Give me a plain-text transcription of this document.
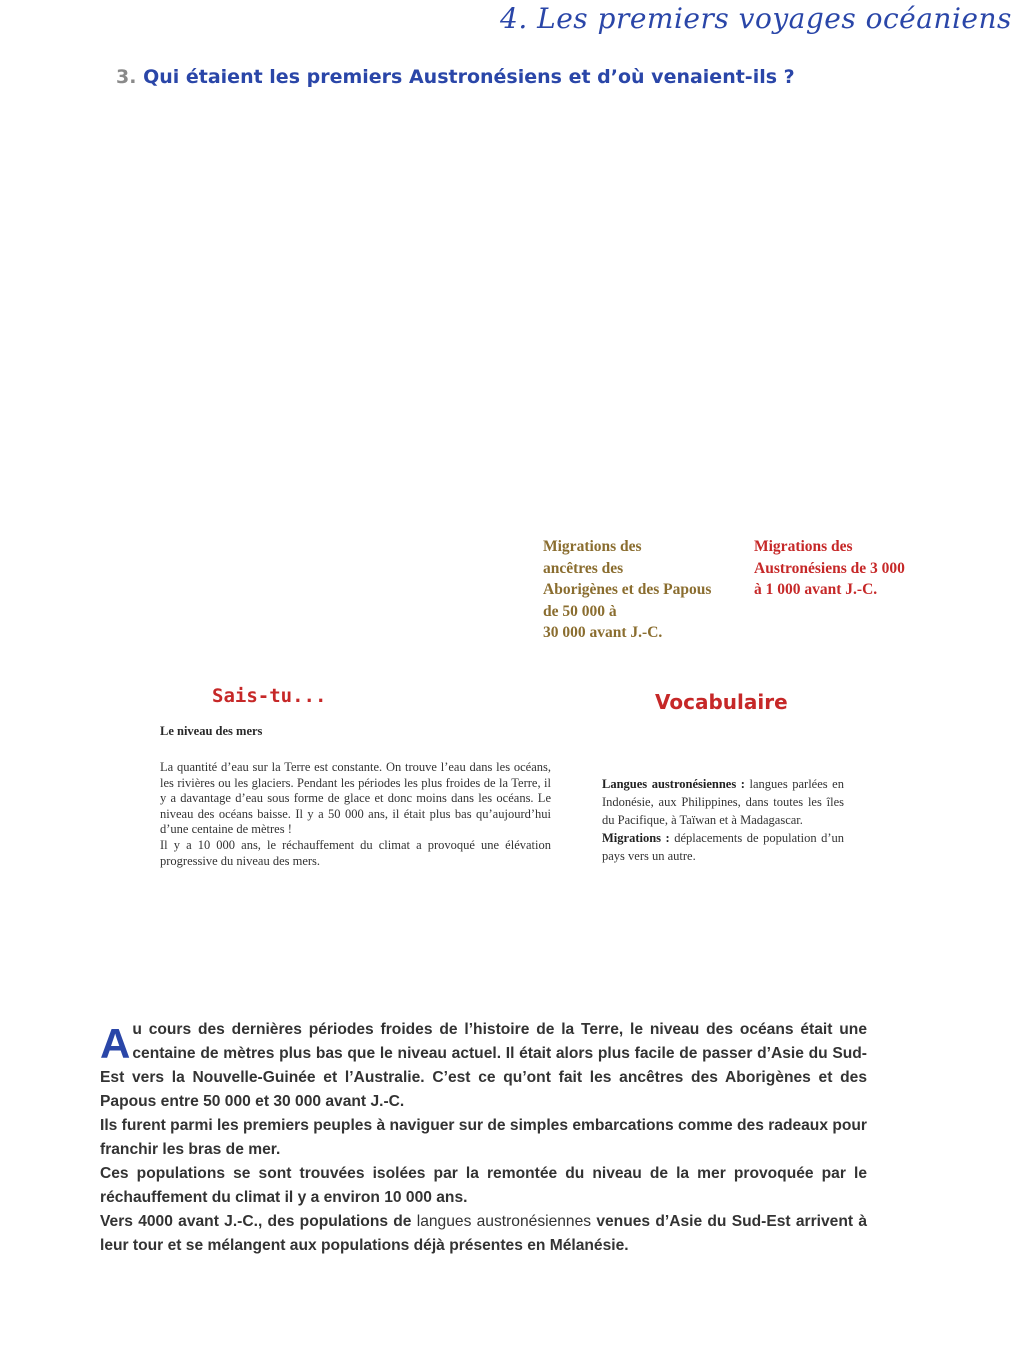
4. Les premiers voyages océaniens
3. Qui étaient les premiers Austronésiens et d’où venaient-ils ?
Migrations des
ancêtres des
Aborigènes et des Papous
de 50 000 à
30 000 avant J.-C.
Migrations des
Austronésiens de 3 000
à 1 000 avant J.-C.
Sais-tu...	Vocabulaire
Le niveau des mers

La quantité d’eau sur la Terre est constante. On trouve l’eau dans les océans, les rivières ou les glaciers. Pendant les périodes les plus froides de la Terre, il y a davantage d’eau sous forme de glace et donc moins dans les océans. Le niveau des océans baisse. Il y a 50 000 ans, il était plus bas qu’aujourd’hui d’une centaine de mètres !

Il y a 10 000 ans, le réchauffement du climat a provoqué une élévation progressive du niveau des mers.

Langues austronésiennes : langues parlées en Indonésie, aux Philippines, dans toutes les îles du Pacifique, à Taïwan et à Madagascar.

Migrations : déplacements de population d’un pays vers un autre.

A u cours des dernières périodes froides de l’histoire de la Terre, le niveau des océans était une centaine de mètres plus bas que le niveau actuel. Il était alors plus facile de passer d’Asie du Sud-Est vers la Nouvelle-Guinée et l’Australie. C’est ce qu’ont fait les ancêtres des Aborigènes et des Papous entre 50 000 et 30 000 avant J.-C.

Ils furent parmi les premiers peuples à naviguer sur de simples embarcations comme des radeaux pour franchir les bras de mer.

Ces populations se sont trouvées isolées par la remontée du niveau de la mer provoquée par le réchauffement du climat il y a environ 10 000 ans.

Vers 4000 avant J.-C., des populations de langues austronésiennes venues d’Asie du Sud-Est arrivent à leur tour et se mélangent aux populations déjà présentes en Mélanésie.
